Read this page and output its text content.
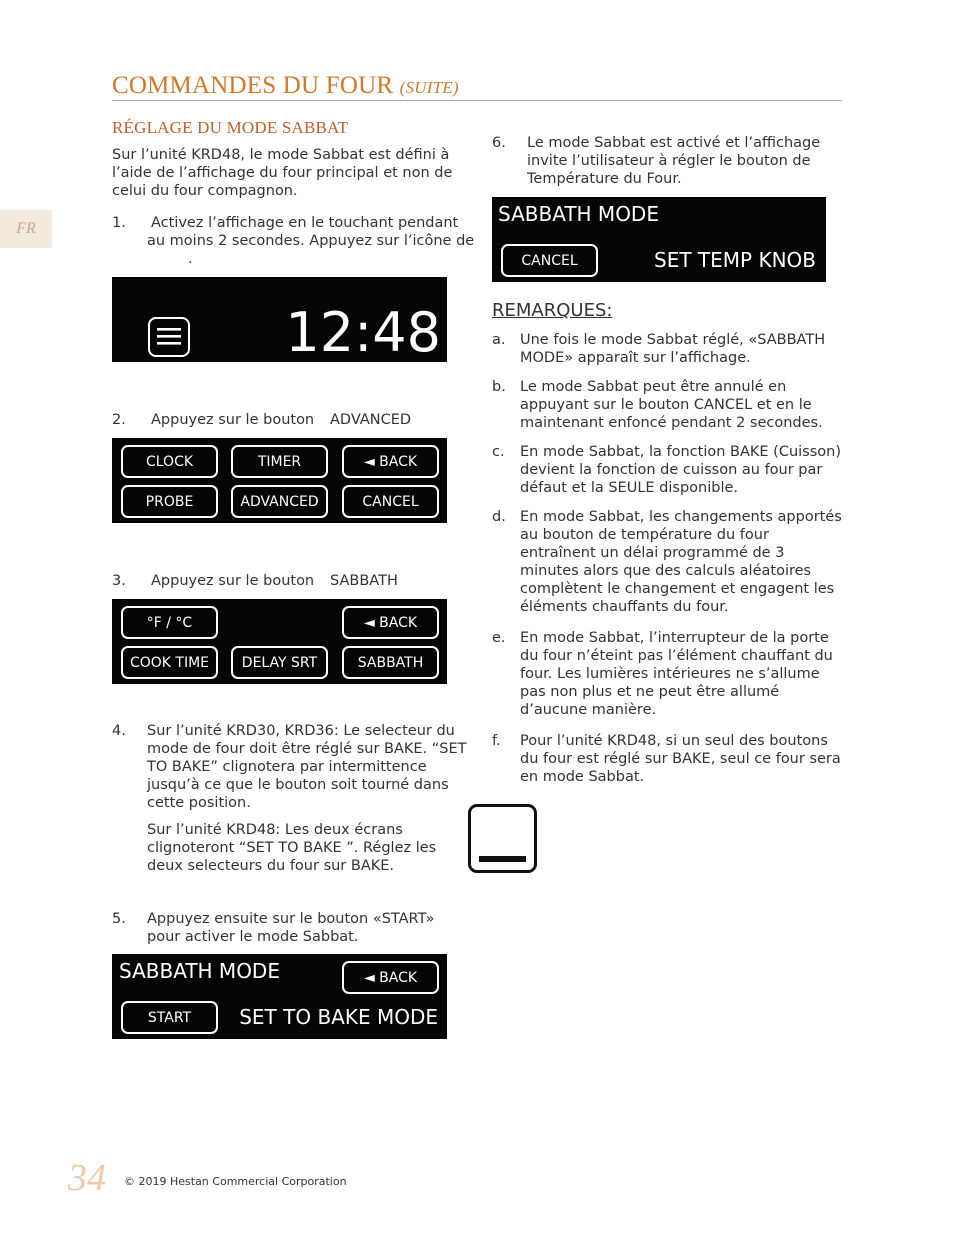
COMMANDES DU FOUR (SUITE)
FR
RÉGLAGE DU MODE SABBAT
Sur l’unité KRD48, le mode Sabbat est défini à l’aide de l’affichage du four principal et non de celui du four compagnon.
1. Activez l’affichage en le touchant pendant
au moins 2 secondes. Appuyez sur l’icône de
.
12:48
2. Appuyez sur le bouton ADVANCED
CLOCK	TIMER	◄ BACK
PROBE	ADVANCED	CANCEL
3. Appuyez sur le bouton SABBATH
°F / °C	◄ BACK
COOK TIME	DELAY SRT	SABBATH
4. Sur l’unité KRD30, KRD36: Le selecteur du mode de four doit être réglé sur BAKE. “SET TO BAKE” clignotera par intermittence jusqu’à ce que le bouton soit tourné dans cette position.
Sur l’unité KRD48: Les deux écrans clignoteront “SET TO BAKE ”. Réglez les deux selecteurs du four sur BAKE.
5. Appuyez ensuite sur le bouton «START» pour activer le mode Sabbat.
SABBATH MODE	◄ BACK
START	SET TO BAKE MODE
6. Le mode Sabbat est activé et l’affichage invite l’utilisateur à régler le bouton de Température du Four.
SABBATH MODE
CANCEL	SET TEMP KNOB
REMARQUES:
a. Une fois le mode Sabbat réglé, «SABBATH MODE» apparaît sur l’affichage.
b. Le mode Sabbat peut être annulé en appuyant sur le bouton CANCEL et en le maintenant enfoncé pendant 2 secondes.
c. En mode Sabbat, la fonction BAKE (Cuisson) devient la fonction de cuisson au four par défaut et la SEULE disponible.
d. En mode Sabbat, les changements apportés au bouton de température du four entraînent un délai programmé de 3 minutes alors que des calculs aléatoires complètent le changement et engagent les éléments chauffants du four.
e. En mode Sabbat, l’interrupteur de la porte du four n’éteint pas l’élément chauffant du four. Les lumières intérieures ne s’allume pas non plus et ne peut être allumé d’aucune manière.
f. Pour l’unité KRD48, si un seul des boutons du four est réglé sur BAKE, seul ce four sera en mode Sabbat.
34 © 2019 Hestan Commercial Corporation
